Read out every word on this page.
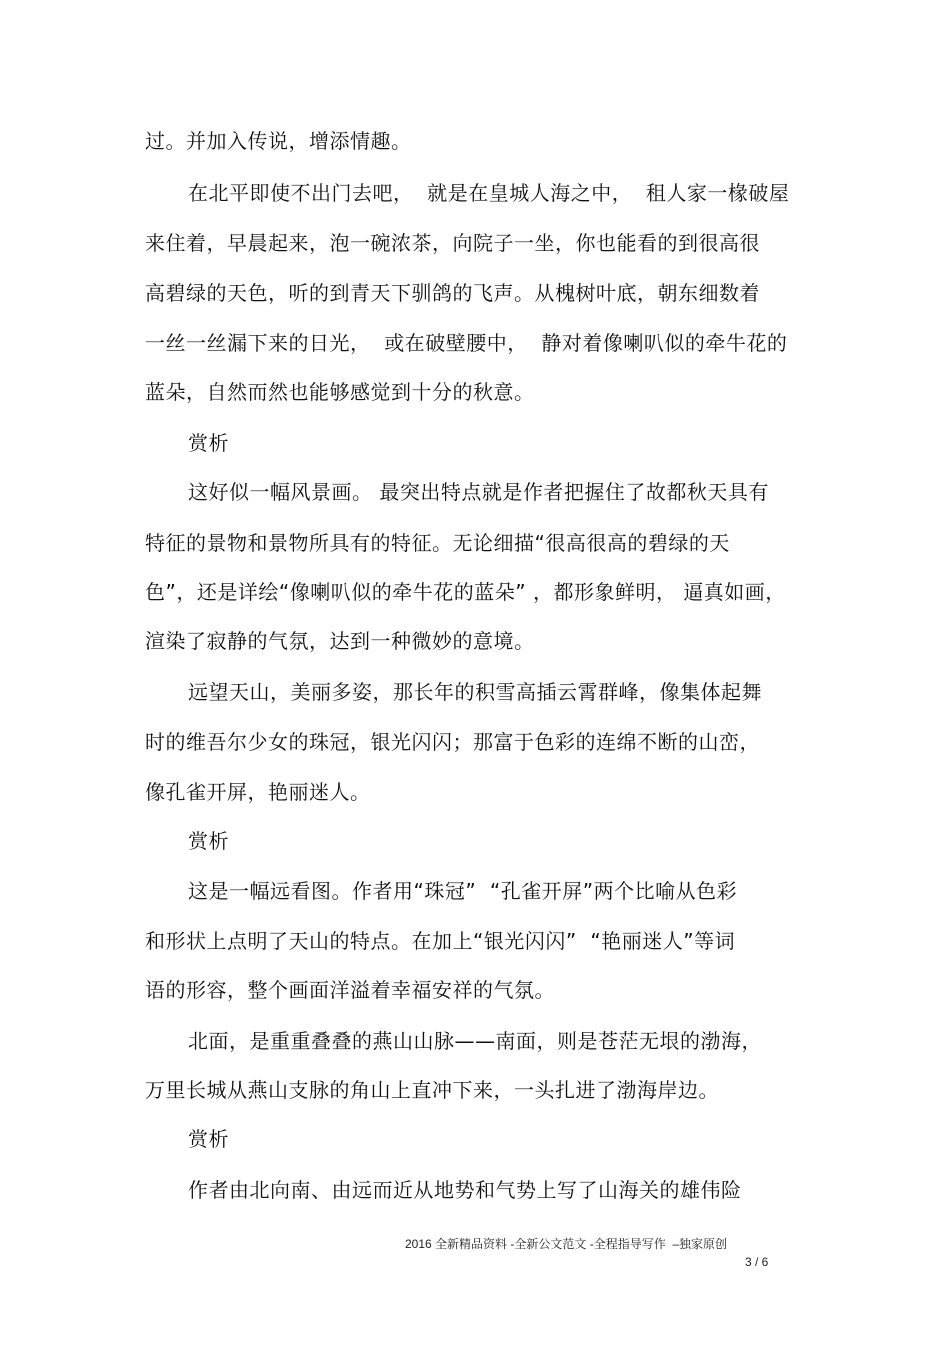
过。并加入传说，增添情趣。
在北平即使不出门去吧，  就是在皇城人海之中，  租人家一椽破屋
来住着，早晨起来，泡一碗浓茶，向院子一坐，你也能看的到很高很
高碧绿的天色，听的到青天下驯鸽的飞声。从槐树叶底，朝东细数着
一丝一丝漏下来的日光，  或在破壁腰中，  静对着像喇叭似的牵牛花的
蓝朵，自然而然也能够感觉到十分的秋意。
赏析
这好似一幅风景画。 最突出特点就是作者把握住了故都秋天具有
特征的景物和景物所具有的特征。无论细描“很高很高的碧绿的天
色”，还是详绘“像喇叭似的牵牛花的蓝朵” ，都形象鲜明， 逼真如画，
渲染了寂静的气氛，达到一种微妙的意境。
远望天山，美丽多姿，那长年的积雪高插云霄群峰，像集体起舞
时的维吾尔少女的珠冠，银光闪闪；那富于色彩的连绵不断的山峦，
像孔雀开屏，艳丽迷人。
赏析
这是一幅远看图。作者用“珠冠”  “孔雀开屏”两个比喻从色彩
和形状上点明了天山的特点。在加上“银光闪闪”  “艳丽迷人”等词
语的形容，整个画面洋溢着幸福安祥的气氛。
北面，是重重叠叠的燕山山脉——南面，则是苍茫无垠的渤海，
万里长城从燕山支脉的角山上直冲下来，一头扎进了渤海岸边。
赏析
作者由北向南、由远而近从地势和气势上写了山海关的雄伟险
2016 全新精品资料 -全新公文范文 -全程指导写作  –独家原创
3 / 6
